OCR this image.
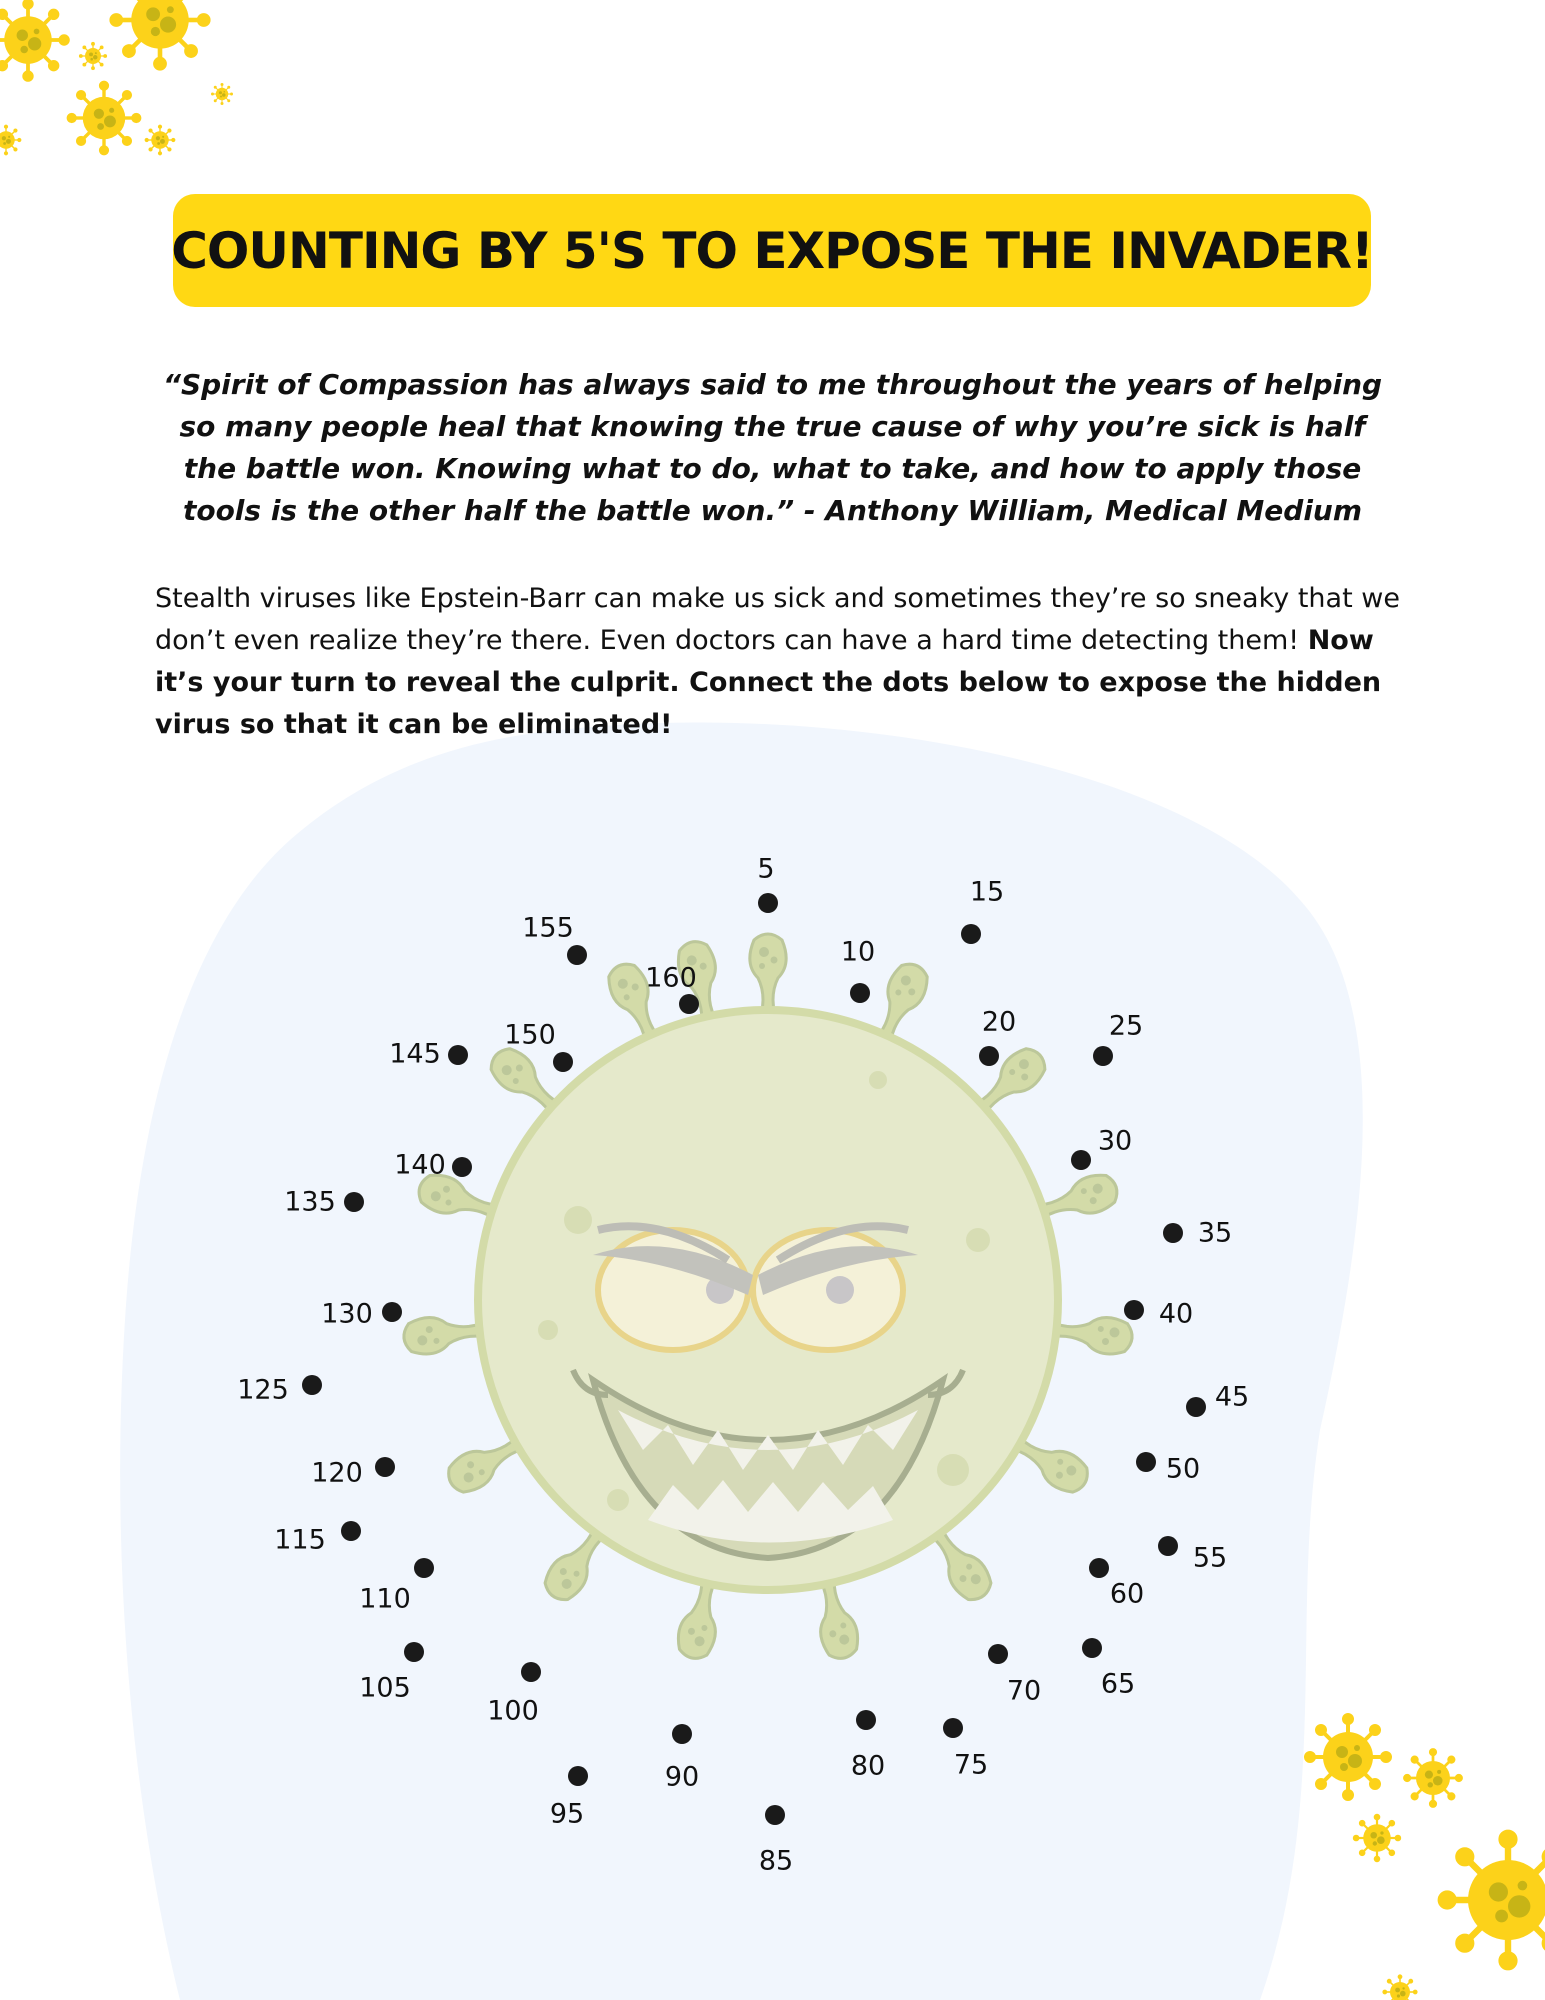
5
10
15
20	25
30
35
40
45
50
55
60
65
70
75
80
85
90
95
100
105
110
115
120
125
130
135
140
145
150
155
160
COUNTING BY 5'S TO EXPOSE THE INVADER!
“Spirit of Compassion has always said to me throughout the years of helping so many people heal that knowing the true cause of why you’re sick is half the battle won. Knowing what to do, what to take, and how to apply those tools is the other half the battle won.” - Anthony William, Medical Medium
Stealth viruses like Epstein-Barr can make us sick and sometimes they’re so sneaky that we don’t even realize they’re there. Even doctors can have a hard time detecting them! Now it’s your turn to reveal the culprit. Connect the dots below to expose the hidden virus so that it can be eliminated!
